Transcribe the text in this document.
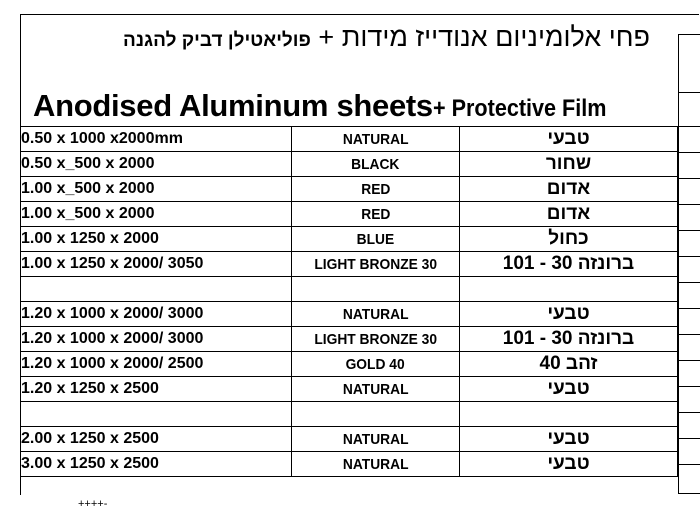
פחי אלומיניום אנודייז מידות + פוליאטילן דביק להגנה
Anodised Aluminum sheets+ Protective Film
0.50 x 1000 x2000mm	NATURAL	טבעי
0.50 x_500 x 2000	BLACK	שחור
1.00 x_500 x 2000	RED	אדום
1.00 x_500 x 2000	RED	אדום
1.00 x 1250 x 2000	BLUE	כחול
1.00 x 1250 x 2000/ 3050	LIGHT BRONZE 30	ברונזה 30 - 101

1.20 x 1000 x 2000/ 3000	NATURAL	טבעי
1.20 x 1000 x 2000/ 3000	LIGHT BRONZE 30	ברונזה 30 - 101
1.20 x 1000 x 2000/ 2500	GOLD 40	זהב 40
1.20 x 1250 x 2500	NATURAL	טבעי

2.00 x 1250 x 2500	NATURAL	טבעי
3.00 x 1250 x 2500	NATURAL	טבעי
++++-
